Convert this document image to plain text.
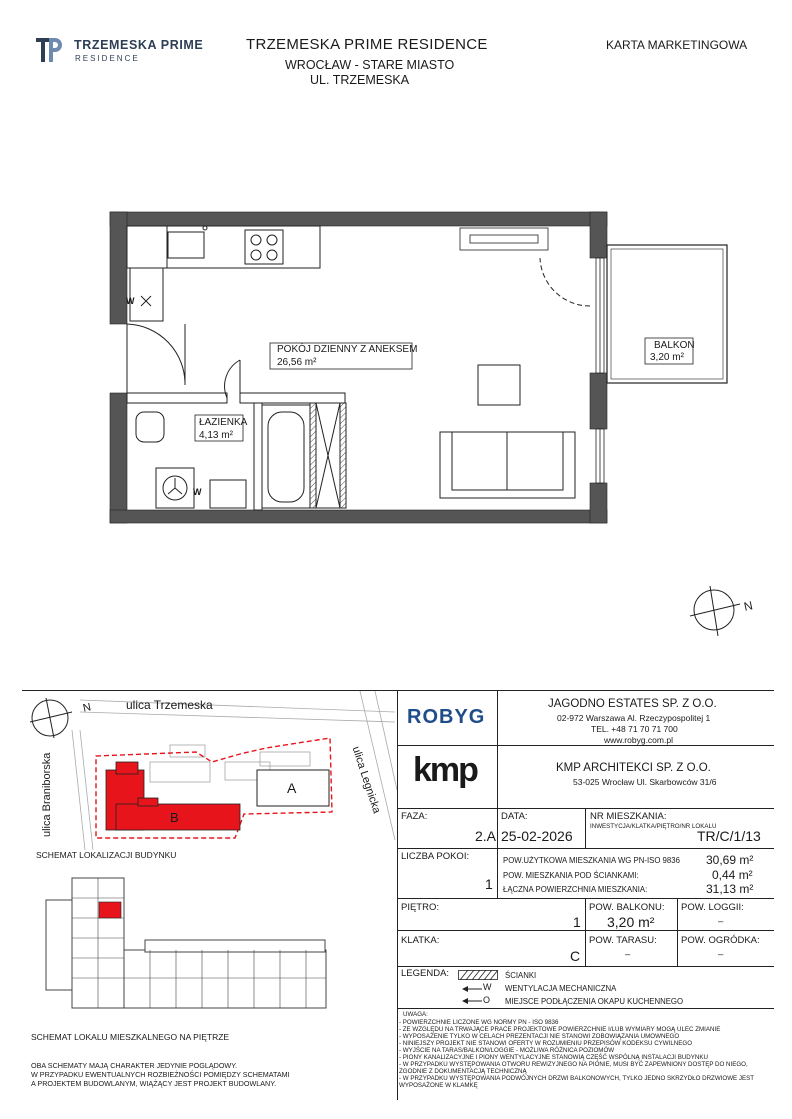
TRZEMESKA PRIME
RESIDENCE
TRZEMESKA PRIME RESIDENCE
WROCŁAW - STARE MIASTO
UL. TRZEMESKA
KARTA MARKETINGOWA
POKÓJ DZIENNY Z ANEKSEM
26,56 m²
ŁAZIENKA
4,13 m²
BALKON
3,20 m²
N
W
W
ulica Trzemeska
ulica Braniborska	ulica Legnicka
N
A
B
SCHEMAT LOKALIZACJI BUDYNKU
SCHEMAT LOKALU MIESZKALNEGO NA PIĘTRZE
OBA SCHEMATY MAJĄ CHARAKTER JEDYNIE POGLĄDOWY.
W PRZYPADKU EWENTUALNYCH ROZBIEŻNOŚCI POMIĘDZY SCHEMATAMI
A PROJEKTEM BUDOWLANYM, WIĄŻĄCY JEST PROJEKT BUDOWLANY.
ROBYG
JAGODNO ESTATES SP. Z O.O.
02-972 Warszawa Al. Rzeczypospolitej 1
TEL. +48 71 70 71 700
www.robyg.com.pl
kmp	KMP ARCHITEKCI SP. Z O.O.
53-025 Wrocław Ul. Skarbowców 31/6
FAZA:
2.A
DATA:
25-02-2026
NR MIESZKANIA:
INWESTYCJA/KLATKA/PIĘTRO/NR LOKALU
TR/C/1/13
LICZBA POKOI:
1
POW.UŻYTKOWA MIESZKANIA WG PN-ISO 9836 30,69 m²
POW. MIESZKANIA POD ŚCIANKAMI:	0,44 m²
ŁĄCZNA POWIERZCHNIA MIESZKANIA:	31,13 m²
PIĘTRO:
1
POW. BALKONU:
3,20 m²
POW. LOGGII:
–
KLATKA:
C
POW. TARASU:
–
POW. OGRÓDKA:
–
LEGENDA:	ŚCIANKI
W WENTYLACJA MECHANICZNA
O MIEJSCE PODŁĄCZENIA OKAPU KUCHENNEGO
UWAGA:
- POWIERZCHNIE LICZONE WG NORMY PN - ISO 9836
- ZE WZGLĘDU NA TRWAJĄCE PRACE PROJEKTOWE POWIERZCHNIE I/LUB WYMIARY MOGĄ ULEC ZMIANIE
- WYPOSAŻENIE TYLKO W CELACH PREZENTACJI NIE STANOWI ZOBOWIĄZANIA UMOWNEGO
- NINIEJSZY PROJEKT NIE STANOWI OFERTY W ROZUMIENIU PRZEPISÓW KODEKSU CYWILNEGO
- WYJŚCIE NA TARAS/BALKON/LOGGIE - MOŻLIWA RÓŻNICA POZIOMÓW
- PIONY KANALIZACYJNE I PIONY WENTYLACYJNE STANOWIĄ CZĘŚĆ WSPÓLNĄ INSTALACJI BUDYNKU
- W PRZYPADKU WYSTĘPOWANIA OTWORU REWIZYJNEGO NA PIONIE, MUSI BYĆ ZAPEWNIONY DOSTĘP DO NIEGO,
ZGODNIE Z DOKUMENTACJĄ TECHNICZNĄ
- W PRZYPADKU WYSTĘPOWANIA PODWÓJNYCH DRZWI BALKONOWYCH, TYLKO JEDNO SKRZYDŁO DRZWIOWE JEST
WYPOSAŻONE W KLAMKĘ
